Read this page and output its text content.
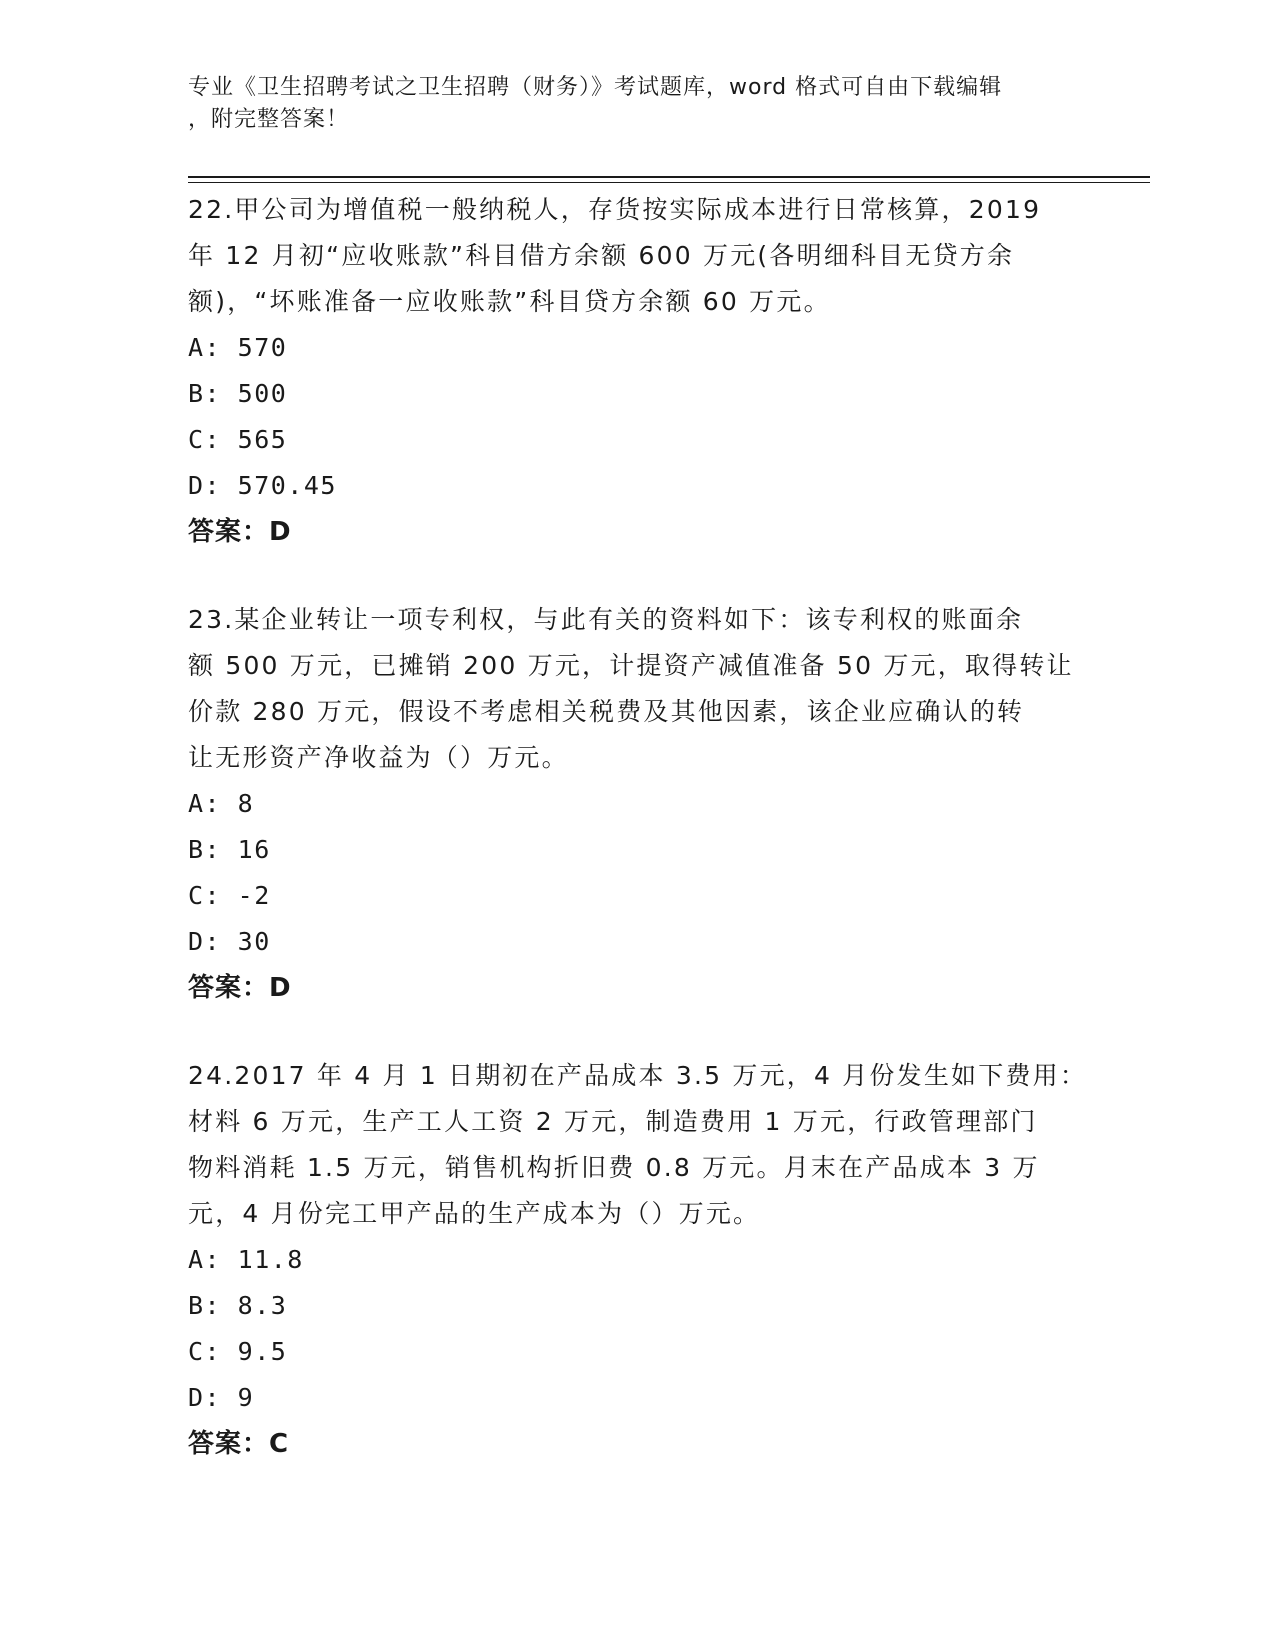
专业《卫生招聘考试之卫生招聘（财务）》考试题库，word 格式可自由下载编辑
，附完整答案！
22.甲公司为增值税一般纳税人，存货按实际成本进行日常核算，2019
年 12 月初“应收账款”科目借方余额 600 万元(各明细科目无贷方余
额)，“坏账准备一应收账款”科目贷方余额 60 万元。
A: 570
B: 500
C: 565
D: 570.45
答案：D
23.某企业转让一项专利权，与此有关的资料如下：该专利权的账面余
额 500 万元，已摊销 200 万元，计提资产减值准备 50 万元，取得转让
价款 280 万元，假设不考虑相关税费及其他因素，该企业应确认的转
让无形资产净收益为（）万元。
A: 8
B: 16
C: -2
D: 30
答案：D
24.2017 年 4 月 1 日期初在产品成本 3.5 万元，4 月份发生如下费用：
材料 6 万元，生产工人工资 2 万元，制造费用 1 万元，行政管理部门
物料消耗 1.5 万元，销售机构折旧费 0.8 万元。月末在产品成本 3 万
元，4 月份完工甲产品的生产成本为（）万元。
A: 11.8
B: 8.3
C: 9.5
D: 9
答案：C
